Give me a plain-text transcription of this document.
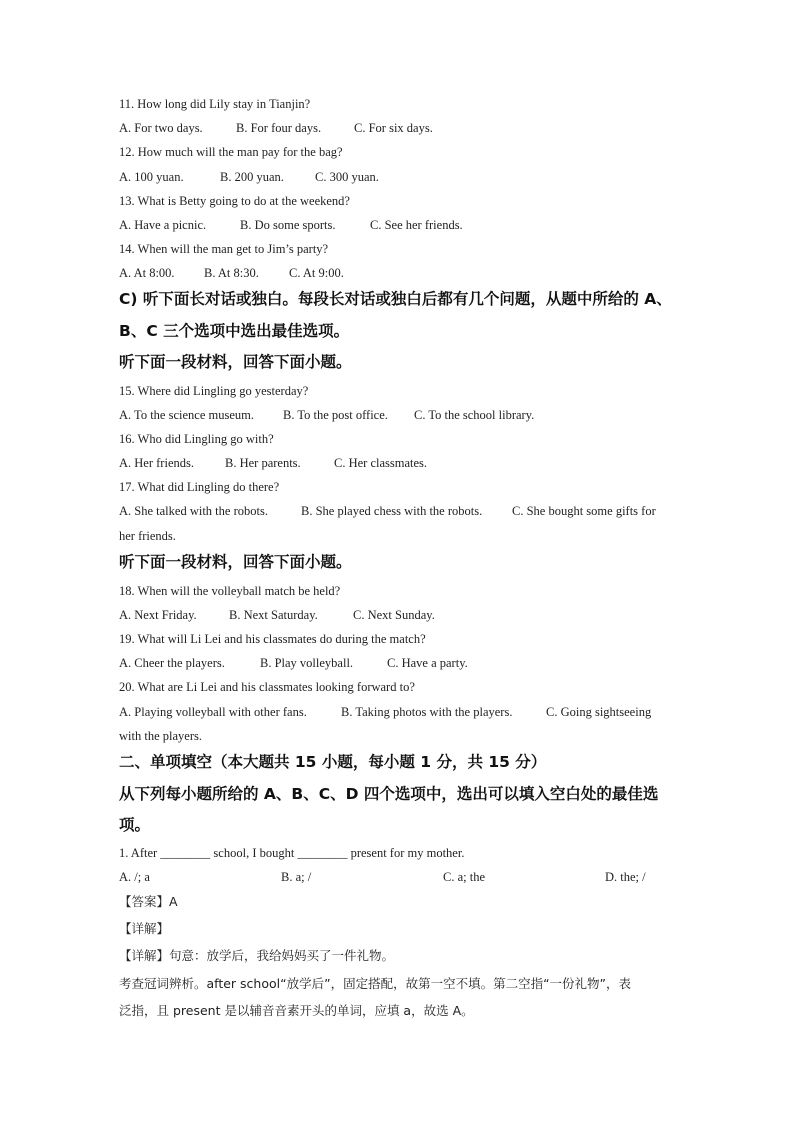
11. How long did Lily stay in Tianjin?
A. For two days.	B. For four days.	C. For six days.
12. How much will the man pay for the bag?
A. 100 yuan.	B. 200 yuan. C. 300 yuan.
13. What is Betty going to do at the weekend?
A. Have a picnic.	B. Do some sports.	C. See her friends.
14. When will the man get to Jim’s party?
A. At 8:00. B. At 8:30. C. At 9:00.
C) 听下面长对话或独白。每段长对话或独白后都有几个问题，从题中所给的 A、
B、C 三个选项中选出最佳选项。
听下面一段材料，回答下面小题。
15. Where did Lingling go yesterday?
A. To the science museum. B. To the post office. C. To the school library.
16. Who did Lingling go with?
A. Her friends. B. Her parents.	C. Her classmates.
17. What did Lingling do there?
A. She talked with the robots.	B. She played chess with the robots. C. She bought some gifts for
her friends.
听下面一段材料，回答下面小题。
18. When will the volleyball match be held?
A. Next Friday.	B. Next Saturday.	C. Next Sunday.
19. What will Li Lei and his classmates do during the match?
A. Cheer the players.	B. Play volleyball.	C. Have a party.
20. What are Li Lei and his classmates looking forward to?
A. Playing volleyball with other fans.	B. Taking photos with the players.	C. Going sightseeing
with the players.
二、单项填空（本大题共 15 小题，每小题 1 分，共 15 分）
从下列每小题所给的 A、B、C、D 四个选项中，选出可以填入空白处的最佳选
项。
1. After ________ school, I bought ________ present for my mother.
A. /; a	B. a; /	C. a; the	D. the; /
【答案】A
【详解】
【详解】句意：放学后，我给妈妈买了一件礼物。
考查冠词辨析。after school“放学后”，固定搭配，故第一空不填。第二空指“一份礼物”，表
泛指，且 present 是以辅音音素开头的单词，应填 a，故选 A。
